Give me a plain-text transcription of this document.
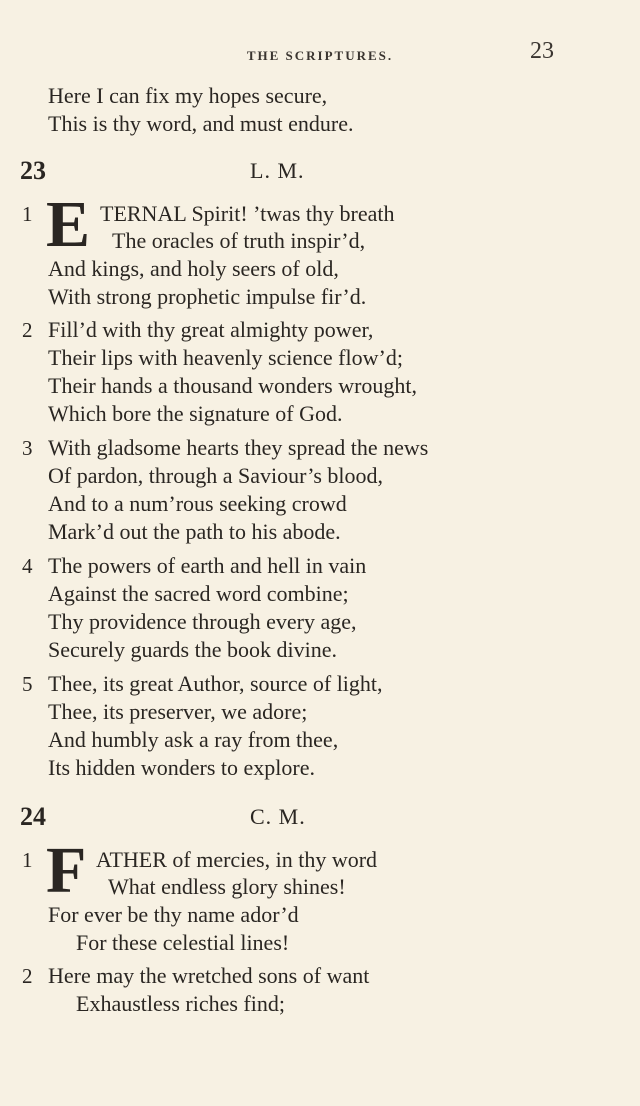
THE SCRIPTURES.	23
Here I can fix my hopes secure,
This is thy word, and must endure.
23	L. M.
1 E TERNAL Spirit! ’twas thy breath
The oracles of truth inspir’d,
And kings, and holy seers of old,
With strong prophetic impulse fir’d.
2 Fill’d with thy great almighty power,
Their lips with heavenly science flow’d;
Their hands a thousand wonders wrought,
Which bore the signature of God.
3 With gladsome hearts they spread the news
Of pardon, through a Saviour’s blood,
And to a num’rous seeking crowd
Mark’d out the path to his abode.
4 The powers of earth and hell in vain
Against the sacred word combine;
Thy providence through every age,
Securely guards the book divine.
5 Thee, its great Author, source of light,
Thee, its preserver, we adore;
And humbly ask a ray from thee,
Its hidden wonders to explore.
24	C. M.
1 F ATHER of mercies, in thy word
What endless glory shines!
For ever be thy name ador’d
For these celestial lines!
2 Here may the wretched sons of want
Exhaustless riches find;
